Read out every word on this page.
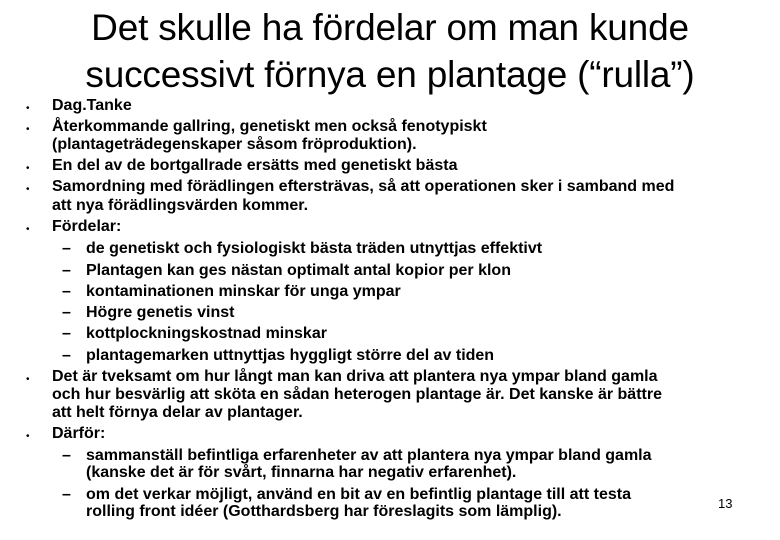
Det skulle ha fördelar om man kunde
successivt förnya en plantage (“rulla”)
• Dag.Tanke
• Återkommande gallring, genetiskt men också fenotypiskt
(plantageträdegenskaper såsom fröproduktion).
• En del av de bortgallrade ersätts med genetiskt bästa
• Samordning med förädlingen eftersträvas, så att operationen sker i samband med
att nya förädlingsvärden kommer.
• Fördelar:
– de genetiskt och fysiologiskt bästa träden utnyttjas effektivt
– Plantagen kan ges nästan optimalt antal kopior per klon
– kontaminationen minskar för unga ympar
– Högre genetis vinst
– kottplockningskostnad minskar
– plantagemarken uttnyttjas hyggligt större del av tiden
• Det är tveksamt om hur långt man kan driva att plantera nya ympar bland gamla
och hur besvärlig att sköta en sådan heterogen plantage är. Det kanske är bättre
att helt förnya delar av plantager.
• Därför:
– sammanställ befintliga erfarenheter av att plantera nya ympar bland gamla
(kanske det är för svårt, finnarna har negativ erfarenhet).
– om det verkar möjligt, använd en bit av en befintlig plantage till att testa
rolling front idéer (Gotthardsberg har föreslagits som lämplig).	13
